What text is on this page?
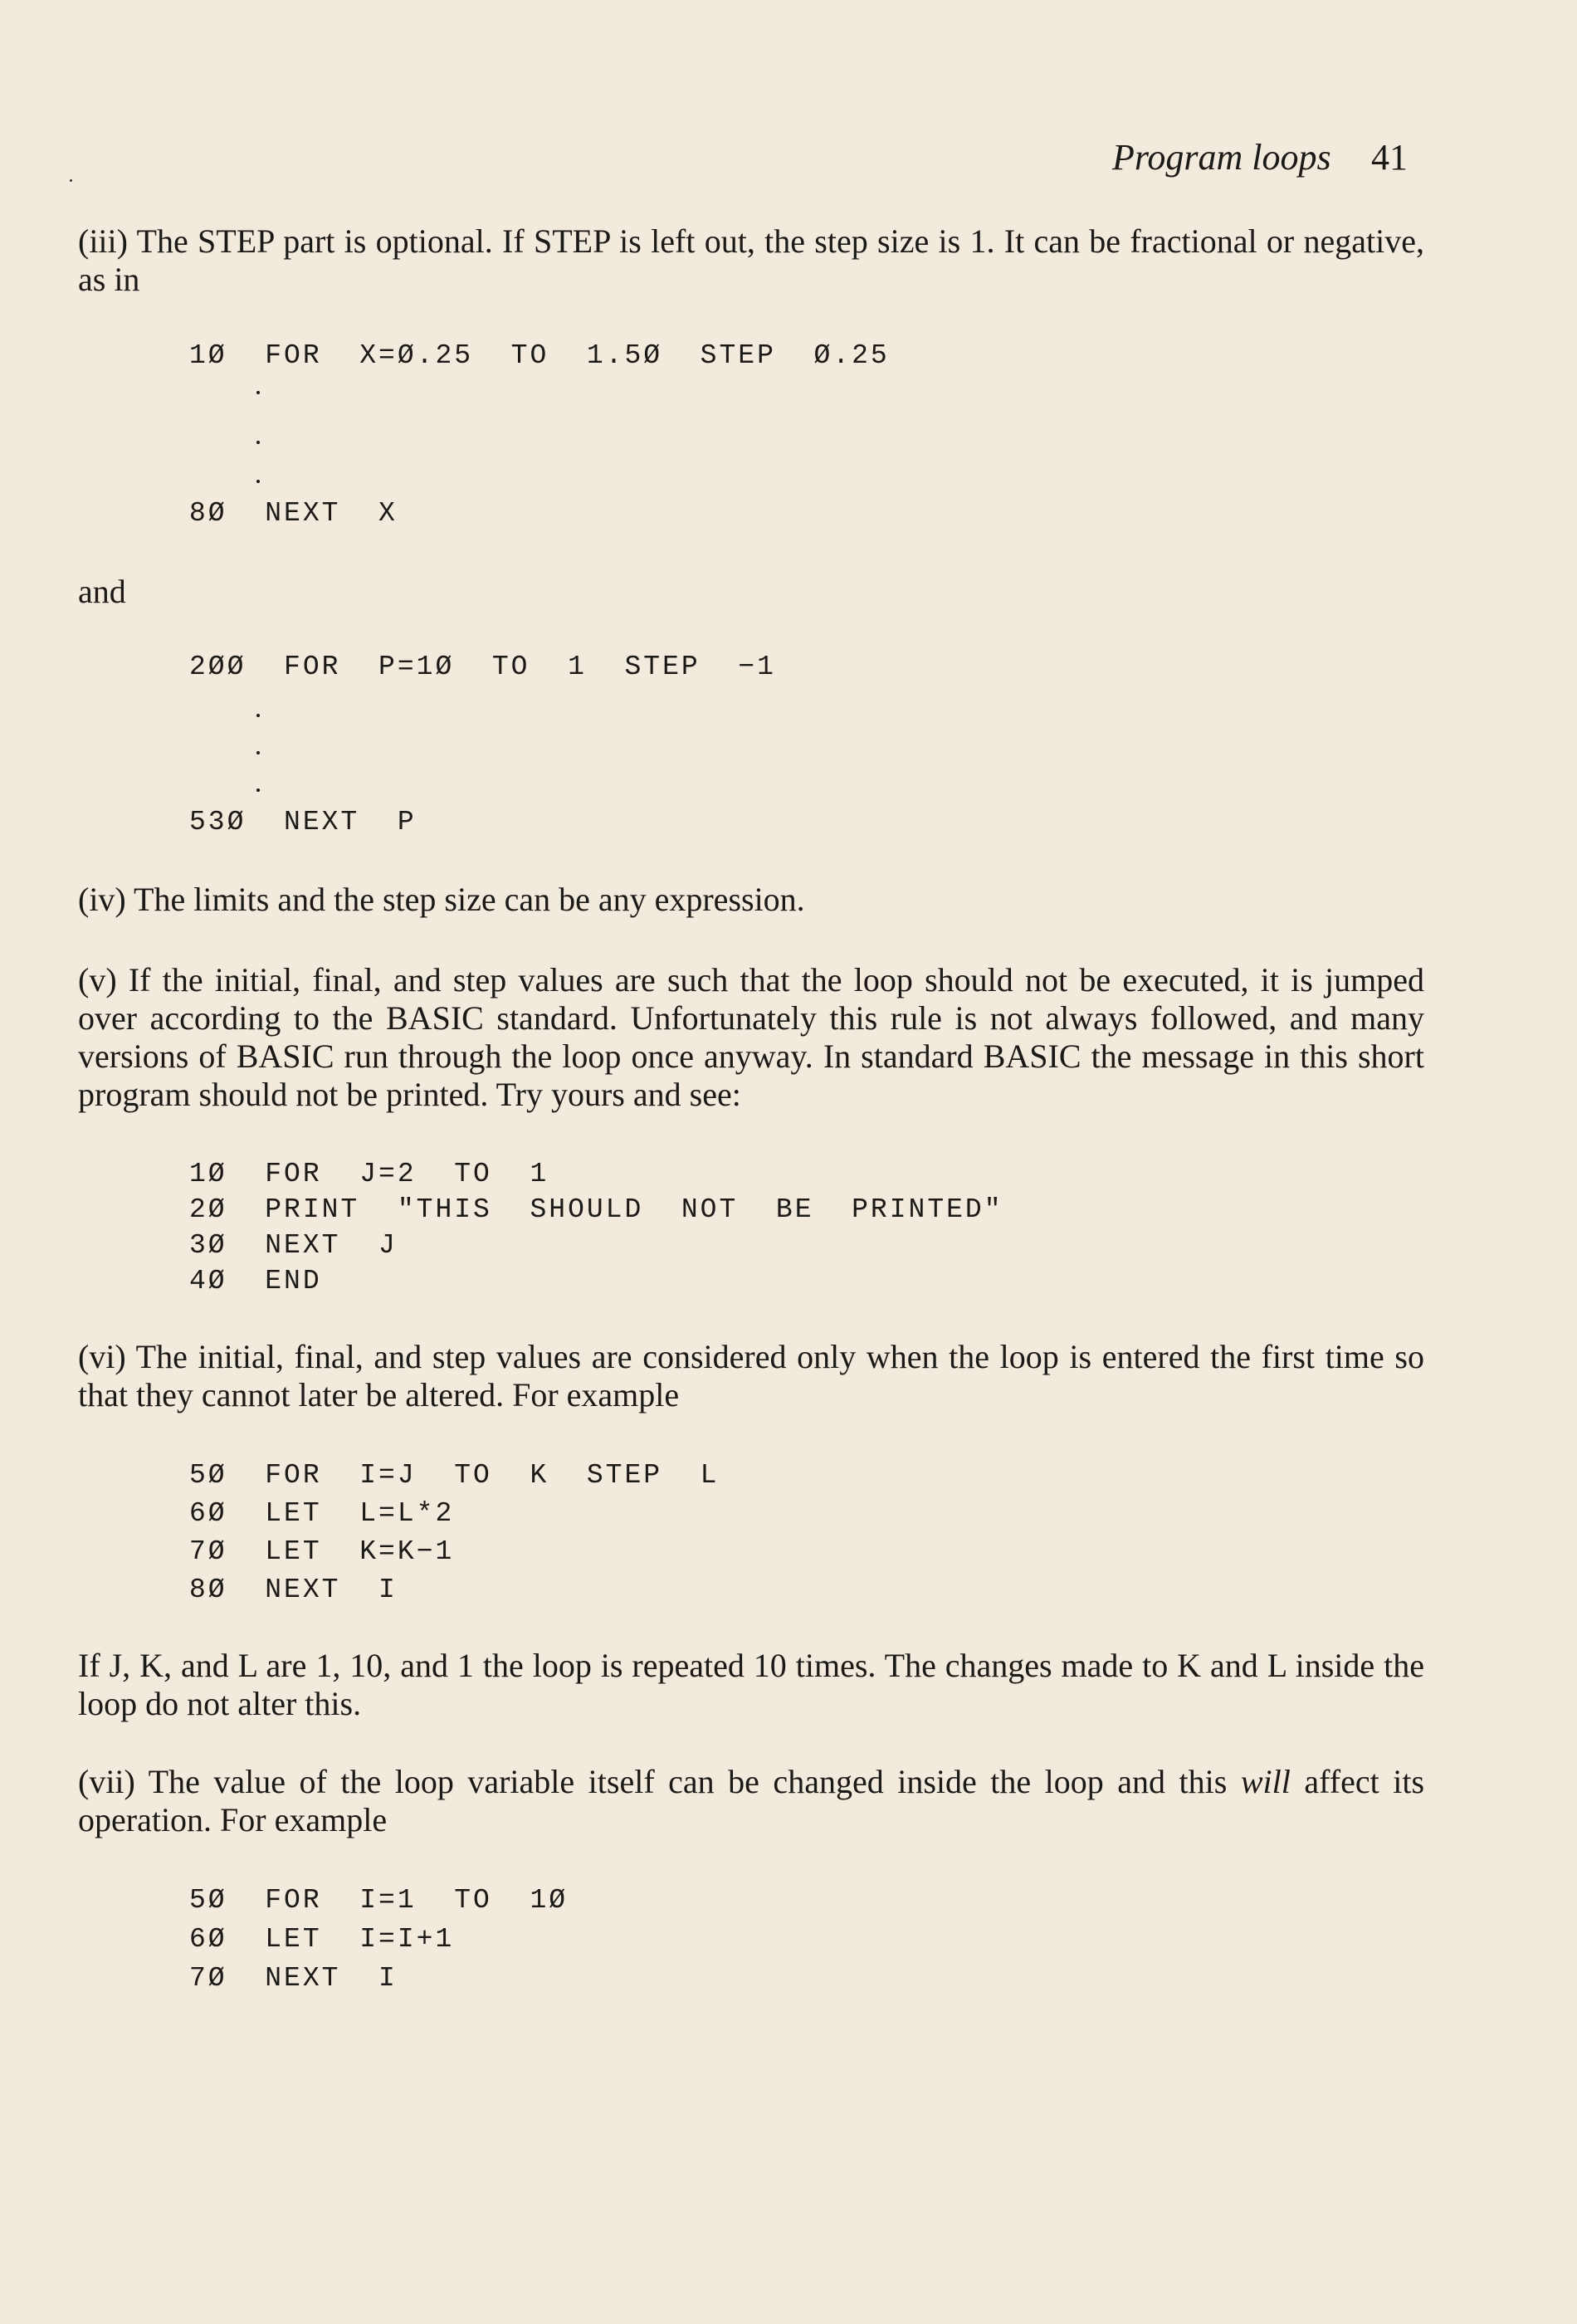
Program loops 41
(iii) The STEP part is optional. If STEP is left out, the step size is 1. It can be fractional or negative, as in
1Ø  FOR  X=Ø.25  TO  1.5Ø  STEP  Ø.25
8Ø  NEXT  X
and
2ØØ  FOR  P=1Ø  TO  1  STEP  −1
53Ø  NEXT  P
(iv) The limits and the step size can be any expression.
(v) If the initial, final, and step values are such that the loop should not be executed, it is jumped over according to the BASIC standard. Unfortunately this rule is not always followed, and many versions of BASIC run through the loop once anyway. In standard BASIC the message in this short program should not be printed. Try yours and see:
1Ø  FOR  J=2  TO  1
2Ø  PRINT  "THIS  SHOULD  NOT  BE  PRINTED"
3Ø  NEXT  J
4Ø  END
(vi) The initial, final, and step values are considered only when the loop is entered the first time so that they cannot later be altered. For example
5Ø  FOR  I=J  TO  K  STEP  L
6Ø  LET  L=L*2
7Ø  LET  K=K−1
8Ø  NEXT  I
If J, K, and L are 1, 10, and 1 the loop is repeated 10 times. The changes made to K and L inside the loop do not alter this.
(vii) The value of the loop variable itself can be changed inside the loop and this will affect its operation. For example
5Ø  FOR  I=1  TO  1Ø
6Ø  LET  I=I+1
7Ø  NEXT  I
